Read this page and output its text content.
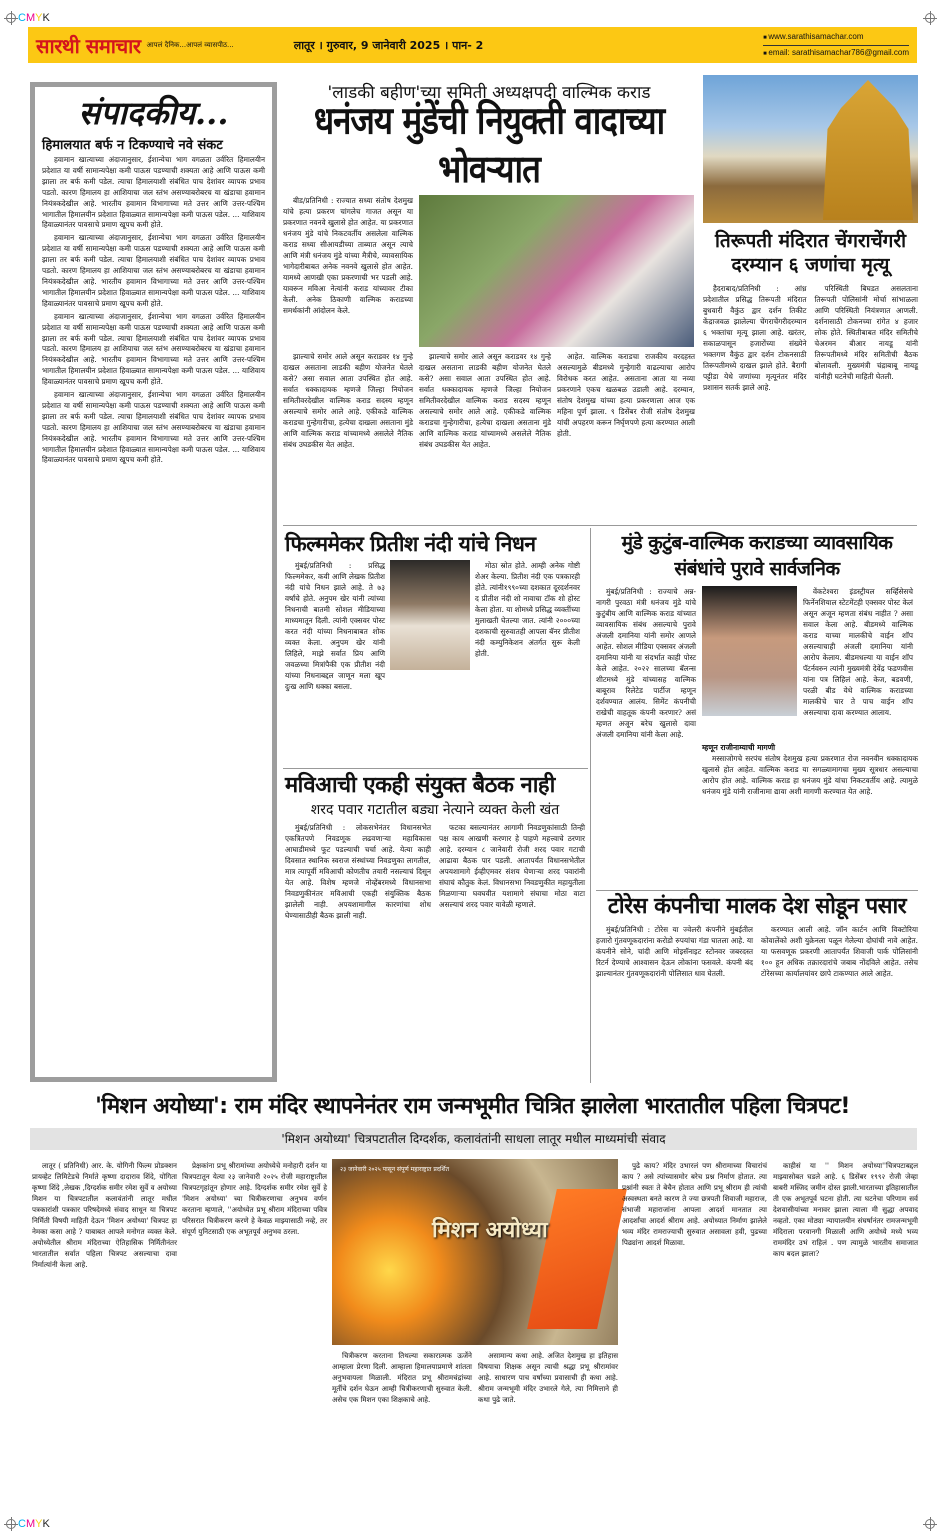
CMYK
सारथी समाचार आपलं दैनिक...आपलं व्यासपीठ...	लातूर । गुरुवार, 9 जानेवारी 2025 । पान- 2
■ www.sarathisamachar.com
■ email: sarathisamachar786@gmail.com
संपादकीय...
हिमालयात बर्फ न टिकण्याचे नवे संकट

हवामान खात्याच्या अंदाजानुसार, ईशान्येचा भाग वगळता उर्वरित हिमालयीन प्रदेशात या वर्षी सामान्यपेक्षा कमी पाऊस पडण्याची शक्यता आहे आणि पाऊस कमी झाला तर बर्फ कमी पडेल. त्याचा हिमालयाशी संबंधित पाच देशांवर व्यापक प्रभाव पडतो. कारण हिमालय हा आशियाचा जल स्तंभ असण्याबरोबरच या खंडाचा हवामान नियंत्रकदेखील आहे. भारतीय हवामान विभागाच्या मते उत्तर आणि उत्तर-पश्चिम भागातील हिमालयीन प्रदेशात हिवाळ्यात सामान्यपेक्षा कमी पाऊस पडेल. ... याशिवाय हिवाळ्यानंतर पावसाचे प्रमाण खूपच कमी होते.

हवामान खात्याच्या अंदाजानुसार, ईशान्येचा भाग वगळता उर्वरित हिमालयीन प्रदेशात या वर्षी सामान्यपेक्षा कमी पाऊस पडण्याची शक्यता आहे आणि पाऊस कमी झाला तर बर्फ कमी पडेल. त्याचा हिमालयाशी संबंधित पाच देशांवर व्यापक प्रभाव पडतो. कारण हिमालय हा आशियाचा जल स्तंभ असण्याबरोबरच या खंडाचा हवामान नियंत्रकदेखील आहे. भारतीय हवामान विभागाच्या मते उत्तर आणि उत्तर-पश्चिम भागातील हिमालयीन प्रदेशात हिवाळ्यात सामान्यपेक्षा कमी पाऊस पडेल. ... याशिवाय हिवाळ्यानंतर पावसाचे प्रमाण खूपच कमी होते.

हवामान खात्याच्या अंदाजानुसार, ईशान्येचा भाग वगळता उर्वरित हिमालयीन प्रदेशात या वर्षी सामान्यपेक्षा कमी पाऊस पडण्याची शक्यता आहे आणि पाऊस कमी झाला तर बर्फ कमी पडेल. त्याचा हिमालयाशी संबंधित पाच देशांवर व्यापक प्रभाव पडतो. कारण हिमालय हा आशियाचा जल स्तंभ असण्याबरोबरच या खंडाचा हवामान नियंत्रकदेखील आहे. भारतीय हवामान विभागाच्या मते उत्तर आणि उत्तर-पश्चिम भागातील हिमालयीन प्रदेशात हिवाळ्यात सामान्यपेक्षा कमी पाऊस पडेल. ... याशिवाय हिवाळ्यानंतर पावसाचे प्रमाण खूपच कमी होते.

हवामान खात्याच्या अंदाजानुसार, ईशान्येचा भाग वगळता उर्वरित हिमालयीन प्रदेशात या वर्षी सामान्यपेक्षा कमी पाऊस पडण्याची शक्यता आहे आणि पाऊस कमी झाला तर बर्फ कमी पडेल. त्याचा हिमालयाशी संबंधित पाच देशांवर व्यापक प्रभाव पडतो. कारण हिमालय हा आशियाचा जल स्तंभ असण्याबरोबरच या खंडाचा हवामान नियंत्रकदेखील आहे. भारतीय हवामान विभागाच्या मते उत्तर आणि उत्तर-पश्चिम भागातील हिमालयीन प्रदेशात हिवाळ्यात सामान्यपेक्षा कमी पाऊस पडेल. ... याशिवाय हिवाळ्यानंतर पावसाचे प्रमाण खूपच कमी होते.

'लाडकी बहीण'च्या समिती अध्यक्षपदी वाल्मिक कराड
धनंजय मुंडेंची नियुक्ती वादाच्या भोवऱ्यात

बीड/प्रतिनिधी : राज्यात सध्या संतोष देशमुख यांचे हत्या प्रकरण चांगलेच गाजत असून या प्रकरणात नवनवे खुलासे होत आहेत. या प्रकरणात धनंजय मुंडे यांचे निकटवर्तीय असलेला वाल्मिक कराड सध्या सीआयडीच्या ताब्यात असून त्याचे आणि मंत्री धनंजय मुंडे यांच्या मैत्रीचे, व्यावसायिक भागेदारीबाबत अनेक नवनवे खुलासे होत आहेत. यामध्ये आणखी एका प्रकरणाची भर पडली आहे. यावरून मविआ नेत्यांनी कराड यांच्यावर टीका केली. अनेक ठिकाणी वाल्मिक कराडच्या समर्थकांनी आंदोलन केले.

झाल्याचे समोर आले असून कराडवर १४ गुन्हे दाखल असताना लाडकी बहीण योजनेत घेतले कसे? असा सवाल आता उपस्थित होत आहे. सर्वात धक्कादायक म्हणजे जिल्हा नियोजन समितीवरदेखील वाल्मिक कराड सदस्य म्हणून असल्याचे समोर आले आहे. एकीकडे वाल्मिक कराडचा गुन्हेगारीचा, हत्येचा दाखला असताना मुंडे आणि वाल्मिक कराड यांच्यामध्ये असलेले नैतिक संबंध उघडकीस येत आहेत.

झाल्याचे समोर आले असून कराडवर १४ गुन्हे दाखल असताना लाडकी बहीण योजनेत घेतले कसे? असा सवाल आता उपस्थित होत आहे. सर्वात धक्कादायक म्हणजे जिल्हा नियोजन समितीवरदेखील वाल्मिक कराड सदस्य म्हणून असल्याचे समोर आले आहे. एकीकडे वाल्मिक कराडचा गुन्हेगारीचा, हत्येचा दाखला असताना मुंडे आणि वाल्मिक कराड यांच्यामध्ये असलेले नैतिक संबंध उघडकीस येत आहेत.

आहेत. वाल्मिक कराडचा राजकीय वरदहस्त असल्यामुळे बीडमध्ये गुन्हेगारी वाढल्याचा आरोप विरोधक करत आहेत. असताना आता या नव्या प्रकरणाने एकच खळबळ उडाली आहे. दरम्यान, संतोष देशमुख यांच्या हत्या प्रकरणाला आज एक महिना पूर्ण झाला. ९ डिसेंबर रोजी संतोष देशमुख यांची अपहरण करून निर्घृणपणे हत्या करण्यात आली होती.

तिरूपती मंदिरात चेंगराचेंगरी दरम्यान ६ जणांचा मृत्यू

हैदराबाद/प्रतिनिधी : आंध्र प्रदेशातील प्रसिद्ध तिरूपती मंदिरात बुधवारी वैकुंठ द्वार दर्शन तिकीट केंद्राजवळ झालेल्या चेंगराचेंगरीदरम्यान ६ भक्तांचा मृत्यू झाला आहे. खरंतर, सकाळपासून हजारोंच्या संख्येने भक्तगण वैकुंठ द्वार दर्शन टोकनसाठी तिरूपतीमध्ये दाखल झाले होते. बैरागी पट्टीडा येथे जणांच्या मृत्यूनंतर मंदिर प्रशासन सतर्क झाले आहे.

परिस्थिती बिघडत असलताना तिरूपती पोलिसांनी मोर्चा सांभाळला आणि परिस्थिती नियंत्रणात आणली. दर्शनासाठी टोकनच्या रांगेत ४ हजार लोक होते. स्थितीबाबत मंदिर समितीचे चेअरमन बीआर नायडू यांनी तिरूपतीमध्ये मंदिर समितीची बैठक बोलावली. मुख्यमंत्री चंद्राबाबू नायडू यांनीही घटनेची माहिती घेतली.

फिल्ममेकर प्रितीश नंदी यांचे निधन

मुंबई/प्रतिनिधी : प्रसिद्ध फिल्ममेकर, कवी आणि लेखक प्रितीश नंदी यांचे निधन झाले आहे. ते ७३ वर्षांचे होते. अनुपम खेर यांनी त्यांच्या निधनाची बातमी सोशल मीडियाच्या माध्यमातून दिली. त्यांनी एक्सवर पोस्ट करत नंदी यांच्या निधनाबाबत शोक व्यक्त केला. अनुपम खेर यांनी लिहिले, माझे सर्वात प्रिय आणि जवळच्या मित्रांपैकी एक प्रीतीश नंदी यांच्या निधनाबद्दल जाणून मला खूप दुःख आणि धक्का बसला.

मोठा स्रोत होते. आम्ही अनेक गोष्टी शेअर केल्या. प्रितीश नंदी एक पत्रकारही होते. त्यांनी१९९०च्या दशकात दूरदर्शनवर द प्रीतीश नंदी शो नावाचा टॉक शो होस्ट केला होता. या शोमध्ये प्रसिद्ध व्यक्तींच्या मुलाखती घेतल्या जात. त्यांनी २०००च्या दशकाची सुरुवातही आपला बॅनर प्रीतीश नंदी कम्युनिकेशन अंतर्गत सुरू केली होती.

मविआची एकही संयुक्त बैठक नाही
शरद पवार गटातील बड्या नेत्याने व्यक्त केली खंत

मुंबई/प्रतिनिधी : लोकसभेनंतर विधानसभेत एकत्रितपणे निवडणूक लढवणाऱ्या महाविकास आघाडीमध्ये फूट पडल्याची चर्चा आहे. येत्या काही दिवसात स्थानिक स्वराज संस्थांच्या निवडणुका लागतील, मात्र त्यापूर्वी मविआची कोणतीच तयारी नसल्याचं दिसून येत आहे. विशेष म्हणजे नोव्हेंबरमध्ये विधानसभा निवडणुकीनंतर मविआची एकही संयुक्तिक बैठक झालेली नाही. अपयशामागील कारणांचा शोध घेण्यासाठीही बैठक झाली नाही.

फटका बसल्यानंतर आगामी निवडणुकांसाठी तिन्ही पक्ष काय आखणी करणार हे पाहणे महत्त्वाचे ठरणार आहे. दरम्यान ८ जानेवारी रोजी शरद पवार गटाची आढावा बैठक पार पडली. आतापर्यंत विधानसभेतील अपयशामागे ईव्हीएमवर संशय घेणाऱ्या शरद पवारांनी संघाचं कौतुक केलं. विधानसभा निवडणुकीत महायुतीला मिळणाऱ्या घवघवीत यशामागे संघाचा मोठा वाटा असल्याचं शरद पवार यावेळी म्हणाले.

मुंडे कुटुंब-वाल्मिक कराडच्या व्यावसायिक संबंधांचे पुरावे सार्वजनिक

मुंबई/प्रतिनिधी : राज्याचे अन्न-नागरी पुरवठा मंत्री धनंजय मुंडे यांचे कुटुंबीय आणि वाल्मिक कराड यांच्यात व्यावसायिक संबंध असल्याचे पुरावे अंजली दमानिया यांनी समोर आणले आहेत. सोशल मीडिया एक्सवर अंजली दमानिया यांनी या संदर्भात काही पोस्ट केले आहेत. २०२२ सालच्या बॅलन्स शीटमध्ये मुंडे यांच्यासह वाल्मिक बाबूराव रिलेटेड पार्टीज म्हणून दर्शवण्यात आलंय. सिमेंट कंपनीची राखेची वाहतूक कंपनी करणार? असं म्हणत अजून बरेच खुलासे दावा अंजली दमानिया यांनी केला आहे.

वेंकटेश्वरा इंडस्ट्रीयल सर्व्हिसेसचे फिर्नेनशियाल स्टेटमेंटही एक्सवर पोस्ट केलं असून अजून म्हणता संबंध नाहीत ? असा सवाल केला आहे. बीडमध्ये वाल्मिक कराड याच्या मालकीचे वाईन शॉप असल्याचाही अंजली दमानिया यांनी आरोप केलाय. बीडमधल्या या वाईन शॉप पॅटर्नवरुन त्यांनी मुख्यमंत्री देवेंद्र फडणवीस यांना पत्र लिहिलं आहे. केज, बडवणी, परळी बीड येथे वाल्मिक कराडच्या मालकीचे चार ते पाच वाईन शॉप असल्याचा दावा करण्यात आलाय.

म्हणून राजीनाम्याची मागणी

मस्साजोगचे सरपंच संतोष देशमुख हत्या प्रकरणात रोज नवनवीन धक्कादायक खुलासे होत आहेत. वाल्मिक कराड या सगळ्यामागचा मुख्य सूत्रधार असल्याचा आरोप होत आहे. वाल्मिक कराड हा धनंजय मुंडे यांचा निकटवर्तीय आहे. त्यामुळे धनंजय मुंडे यांनी राजीनामा द्यावा अशी मागणी करण्यात येत आहे.

टोरेस कंपनीचा मालक देश सोडून पसार

मुंबई/प्रतिनिधी : टोरेस या ज्वेलरी कंपनीने मुंबईतील हजारो गुंतवणूकदारांना करोडो रुपयांचा गंडा घातला आहे. या कंपनीने सोने, चांदी आणि मोइसॅनाइट स्टोनवर जबरदस्त रिटर्न देण्याचे आश्वासन देऊन लोकांना फसवले. कंपनी बंद झाल्यानंतर गुंतवणूकदारांनी पोलिसात धाव घेतली.

करण्यात आली आहे. जॉन कार्टन आणि विक्टोरिया कोवालेंको अशी युक्रेनला पळून गेलेल्या दोघांची नावे आहेत. या फसवणूक प्रकरणी आतापर्यंत शिवाजी पार्क पोलिसांनी १०० हून अधिक तक्रारदारांचे जबाब नोंदविले आहेत. तसेच टोरेसच्या कार्यालयांवर छापे टाकण्यात आले आहेत.

'मिशन अयोध्या': राम मंदिर स्थापनेनंतर राम जन्मभूमीत चित्रित झालेला भारतातील पहिला चित्रपट!
'मिशन अयोध्या' चित्रपटातील दिग्दर्शक, कलावंतांनी साधला लातूर मधील माध्यमांची संवाद

लातूर ( प्रतिनिधी) आर. के. योगिनी फिल्म प्रोडक्शन प्रायव्हेट लिमिटेडचे निर्माते कृष्णा दादाराव शिंदे, योगिता कृष्णा शिंदे ,लेखक ,दिग्दर्शक समीर रमेश सुर्वे व अयोध्या मिशन या चित्रपटातील कलावंतांनी लातूर मधील पत्रकारांशी पत्रकार परिषदेमध्ये संवाद साधून या चित्रपट निर्मिती विषयी माहिती देऊन 'मिशन अयोध्या' चित्रपट हा नेमका कसा आहे ? याबाबत आपले मनोगत व्यक्त केले. अयोध्येतील श्रीराम मंदिराच्या ऐतिहासिक निर्मितीनंतर भारतातील सर्वात पहिला चित्रपट असल्याचा दावा निर्मात्यांनी केला आहे.

प्रेक्षकांना प्रभू श्रीरामांच्या अयोध्येचे मनोहारी दर्शन या चित्रपटातून येत्या २३ जानेवारी २०२५ रोजी महाराष्ट्रातील चित्रपटगृहांतून होणार आहे. दिग्दर्शक समीर रमेश सुर्वे हे 'मिशन अयोध्या' च्या चित्रीकरणाचा अनुभव वर्णन करताना म्हणाले, ''अयोध्येत प्रभू श्रीराम मंदिराच्या पवित्र परिसरात चित्रीकरण करणे हे केवळ माझ्यासाठी नव्हे, तर संपूर्ण युनिटसाठी एक अभूतपूर्व अनुभव ठरला.

२३ जानेवारी २०२५ पासून संपूर्ण महाराष्ट्रात प्रदर्शित
मिशन अयोध्या

चित्रीकरण करताना तिथल्या सकारात्मक ऊर्जेने आम्हाला प्रेरणा दिली. आम्हाला हिमालयाप्रमाणे शांतता अनुभवायला मिळाली. मंदिरात प्रभू श्रीरामचंद्रांच्या मूर्तीचे दर्शन घेऊन आम्ही चित्रीकरणाची सुरुवात केली. असेच एक मिशन एका शिक्षकाचे आहे.

असामान्य कथा आहे. अजित देशमुख हा इतिहास विषयाचा शिक्षक असून त्याची श्रद्धा प्रभू श्रीरामांवर आहे. साधारण पाच वर्षांच्या प्रवासाची ही कथा आहे. श्रीराम जन्मभूमी मंदिर उभारले गेले, त्या निमित्ताने ही कथा पुढे जाते.

पुढे काय? मंदिर उभारलं पण श्रीरामाच्या विचारांचं काय ? असे त्यांच्यासमोर बरेच प्रश्न निर्माण होतात. त्या प्रश्नांनी स्वतः ते बेचैन होतात आणि प्रभू श्रीराम ही त्यांची अस्वस्थता बनते कारण ते ज्या छत्रपती शिवाजी महाराज, संभाजी महाराजांना आपला आदर्श मानतात त्या आदर्शांचा आदर्श श्रीराम आहे. अयोध्यात निर्माण झालेले भव्य मंदिर रामराज्याची सुरुवात असावला हवी, पुढच्या पिढ्यांना आदर्श मिळावा.

काहीसं या '' मिशन अयोध्या''चित्रपटाबद्दल माझ्यासोबत घडले आहे. ६ डिसेंबर १९९२ रोजी जेव्हा बाबरी मस्जिद जमीन दोस्त झाली.भारताच्या इतिहासातील ती एक अभूतपूर्व घटना होती. त्या घटनेचा परिणाम सर्व देशवासीयांच्या मनावर झाला त्याला मी सुद्धा अपवाद नव्हतो. एका मोठ्या न्यायालयीन संघर्षानंतर रामजन्मभूमी मंदिराला परवानगी मिळाली आणि अयोध्ये मध्ये भव्य राममंदिर उभं राहिलं . पण त्यामुळे भारतीय समाजात काय बदल झाला?

CMYK
